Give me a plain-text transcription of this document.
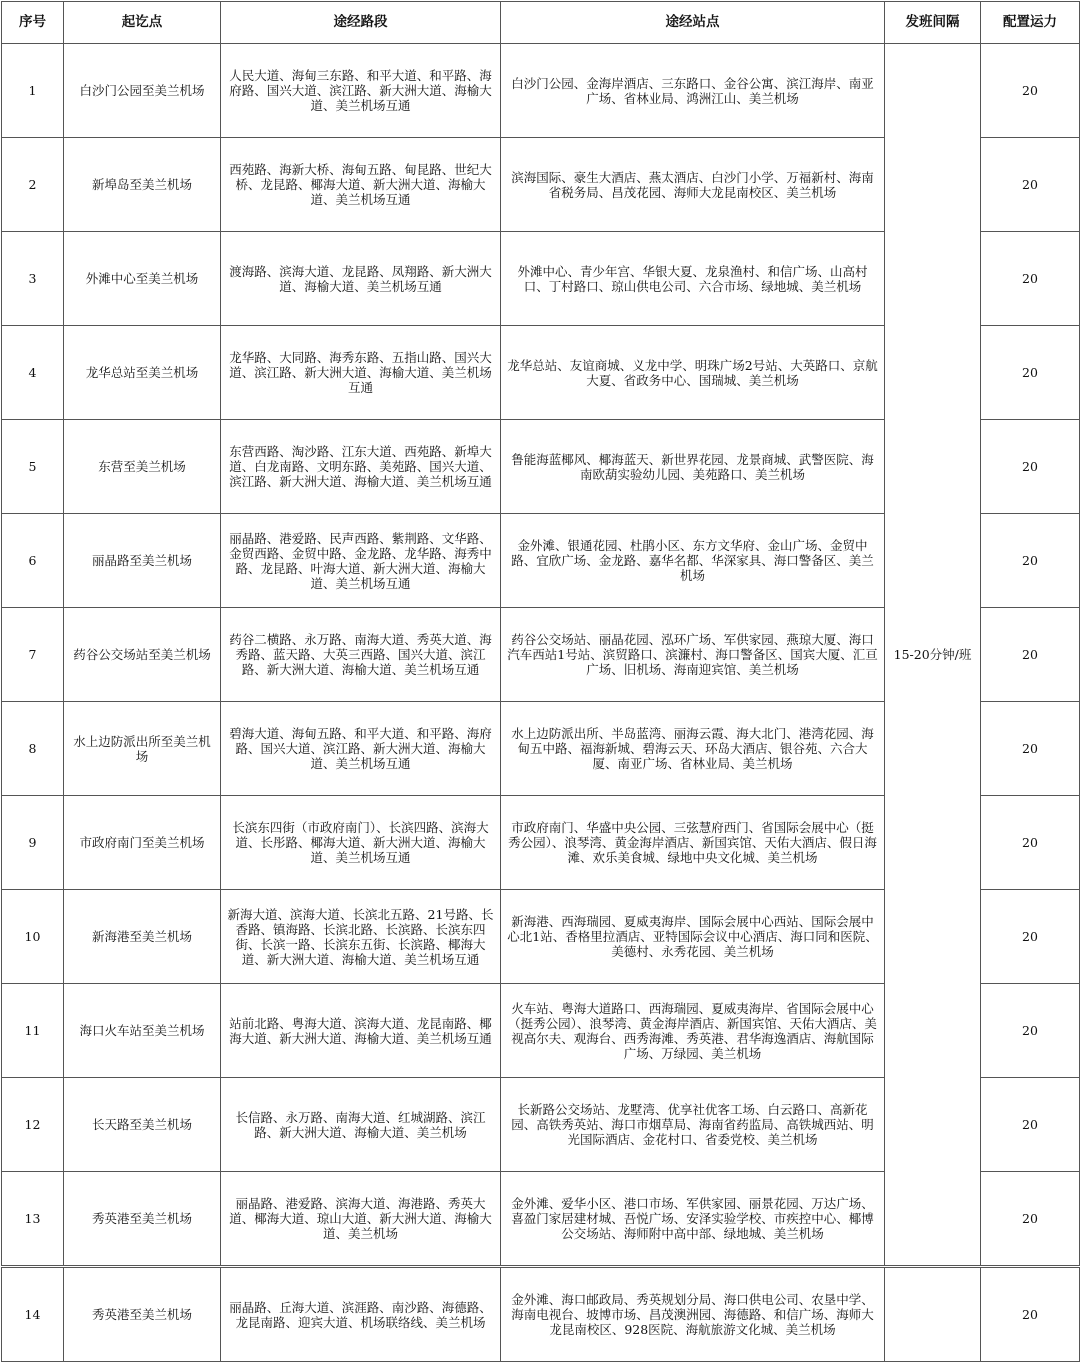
序号	起讫点	途经路段	途经站点	发班间隔	配置运力
1	白沙门公园至美兰机场	人民大道、海甸三东路、和平大道、和平路、海府路、国兴大道、滨江路、新大洲大道、海榆大道、美兰机场互通	白沙门公园、金海岸酒店、三东路口、金谷公寓、滨江海岸、南亚广场、省林业局、鸿洲江山、美兰机场	15-20分钟/班	20
2	新埠岛至美兰机场	西苑路、海新大桥、海甸五路、甸昆路、世纪大桥、龙昆路、椰海大道、新大洲大道、海榆大道、美兰机场互通	滨海国际、豪生大酒店、燕太酒店、白沙门小学、万福新村、海南省税务局、昌茂花园、海师大龙昆南校区、美兰机场		20
3	外滩中心至美兰机场	渡海路、滨海大道、龙昆路、凤翔路、新大洲大道、海榆大道、美兰机场互通	外滩中心、青少年宫、华银大夏、龙泉渔村、和信广场、山高村口、丁村路口、琼山供电公司、六合市场、绿地城、美兰机场		20
4	龙华总站至美兰机场	龙华路、大同路、海秀东路、五指山路、国兴大道、滨江路、新大洲大道、海榆大道、美兰机场互通	龙华总站、友谊商城、义龙中学、明珠广场2号站、大英路口、京航大夏、省政务中心、国瑞城、美兰机场		20
5	东营至美兰机场	东营西路、淘沙路、江东大道、西苑路、新埠大道、白龙南路、文明东路、美苑路、国兴大道、滨江路、新大洲大道、海榆大道、美兰机场互通	鲁能海蓝椰风、椰海蓝天、新世界花园、龙景商城、武警医院、海南欧葫实验幼儿园、美苑路口、美兰机场		20
6	丽晶路至美兰机场	丽晶路、港爱路、民声西路、紫荆路、文华路、金贸西路、金贸中路、金龙路、龙华路、海秀中路、龙昆路、叶海大道、新大洲大道、海榆大道、美兰机场互通	金外滩、银通花园、杜鹃小区、东方文华府、金山广场、金贸中路、宜欣广场、金龙路、嘉华名都、华深家具、海口警备区、美兰机场		20
7	药谷公交场站至美兰机场	药谷二横路、永万路、南海大道、秀英大道、海秀路、蓝天路、大英三西路、国兴大道、滨江路、新大洲大道、海榆大道、美兰机场互通	药谷公交场站、丽晶花园、泓环广场、军供家园、燕琼大厦、海口汽车西站1号站、滨贸路口、滨濂村、海口警备区、国宾大厦、汇亘广场、旧机场、海南迎宾馆、美兰机场		20
8	水上边防派出所至美兰机场	碧海大道、海甸五路、和平大道、和平路、海府路、国兴大道、滨江路、新大洲大道、海榆大道、美兰机场互通	水上边防派出所、半岛蓝湾、丽海云霞、海大北门、港湾花园、海甸五中路、福海新城、碧海云天、环岛大酒店、银谷苑、六合大厦、南亚广场、省林业局、美兰机场		20
9	市政府南门至美兰机场	长滨东四街（市政府南门）、长滨四路、滨海大道、长彤路、椰海大道、新大洲大道、海榆大道、美兰机场互通	市政府南门、华盛中央公园、三弦慧府西门、省国际会展中心（挺秀公园）、浪琴湾、黄金海岸酒店、新国宾馆、天佑大酒店、假日海滩、欢乐美食城、绿地中央文化城、美兰机场		20
10	新海港至美兰机场	新海大道、滨海大道、长滨北五路、21号路、长香路、镇海路、长滨北路、长滨路、长滨东四街、长滨一路、长滨东五街、长滨路、椰海大道、新大洲大道、海榆大道、美兰机场互通	新海港、西海瑞园、夏威夷海岸、国际会展中心西站、国际会展中心北1站、香格里拉酒店、亚特国际会议中心酒店、海口同和医院、美德村、永秀花园、美兰机场		20
11	海口火车站至美兰机场	站前北路、粤海大道、滨海大道、龙昆南路、椰海大道、新大洲大道、海榆大道、美兰机场互通	火车站、粤海大道路口、西海瑞园、夏威夷海岸、省国际会展中心（挺秀公园）、浪琴湾、黄金海岸酒店、新国宾馆、天佑大酒店、美视高尔夫、观海台、西秀海滩、秀英港、君华海逸酒店、海航国际广场、万绿园、美兰机场		20
12	长天路至美兰机场	长信路、永万路、南海大道、红城湖路、滨江路、新大洲大道、海榆大道、美兰机场	长新路公交场站、龙墅湾、优享社优客工场、白云路口、高新花园、高铁秀英站、海口市烟草局、海南省药监局、高铁城西站、明光国际酒店、金花村口、省委党校、美兰机场		20
13	秀英港至美兰机场	丽晶路、港爱路、滨海大道、海港路、秀英大道、椰海大道、琼山大道、新大洲大道、海榆大道、美兰机场	金外滩、爱华小区、港口市场、军供家园、丽景花园、万达广场、喜盈门家居建材城、吾悦广场、安泽实验学校、市疾控中心、椰博公交场站、海师附中高中部、绿地城、美兰机场		20
14	秀英港至美兰机场	丽晶路、丘海大道、滨涯路、南沙路、海德路、龙昆南路、迎宾大道、机场联络线、美兰机场	金外滩、海口邮政局、秀英规划分局、海口供电公司、农垦中学、海南电视台、坡博市场、昌茂澳洲园、海德路、和信广场、海师大龙昆南校区、928医院、海航旅游文化城、美兰机场		20
